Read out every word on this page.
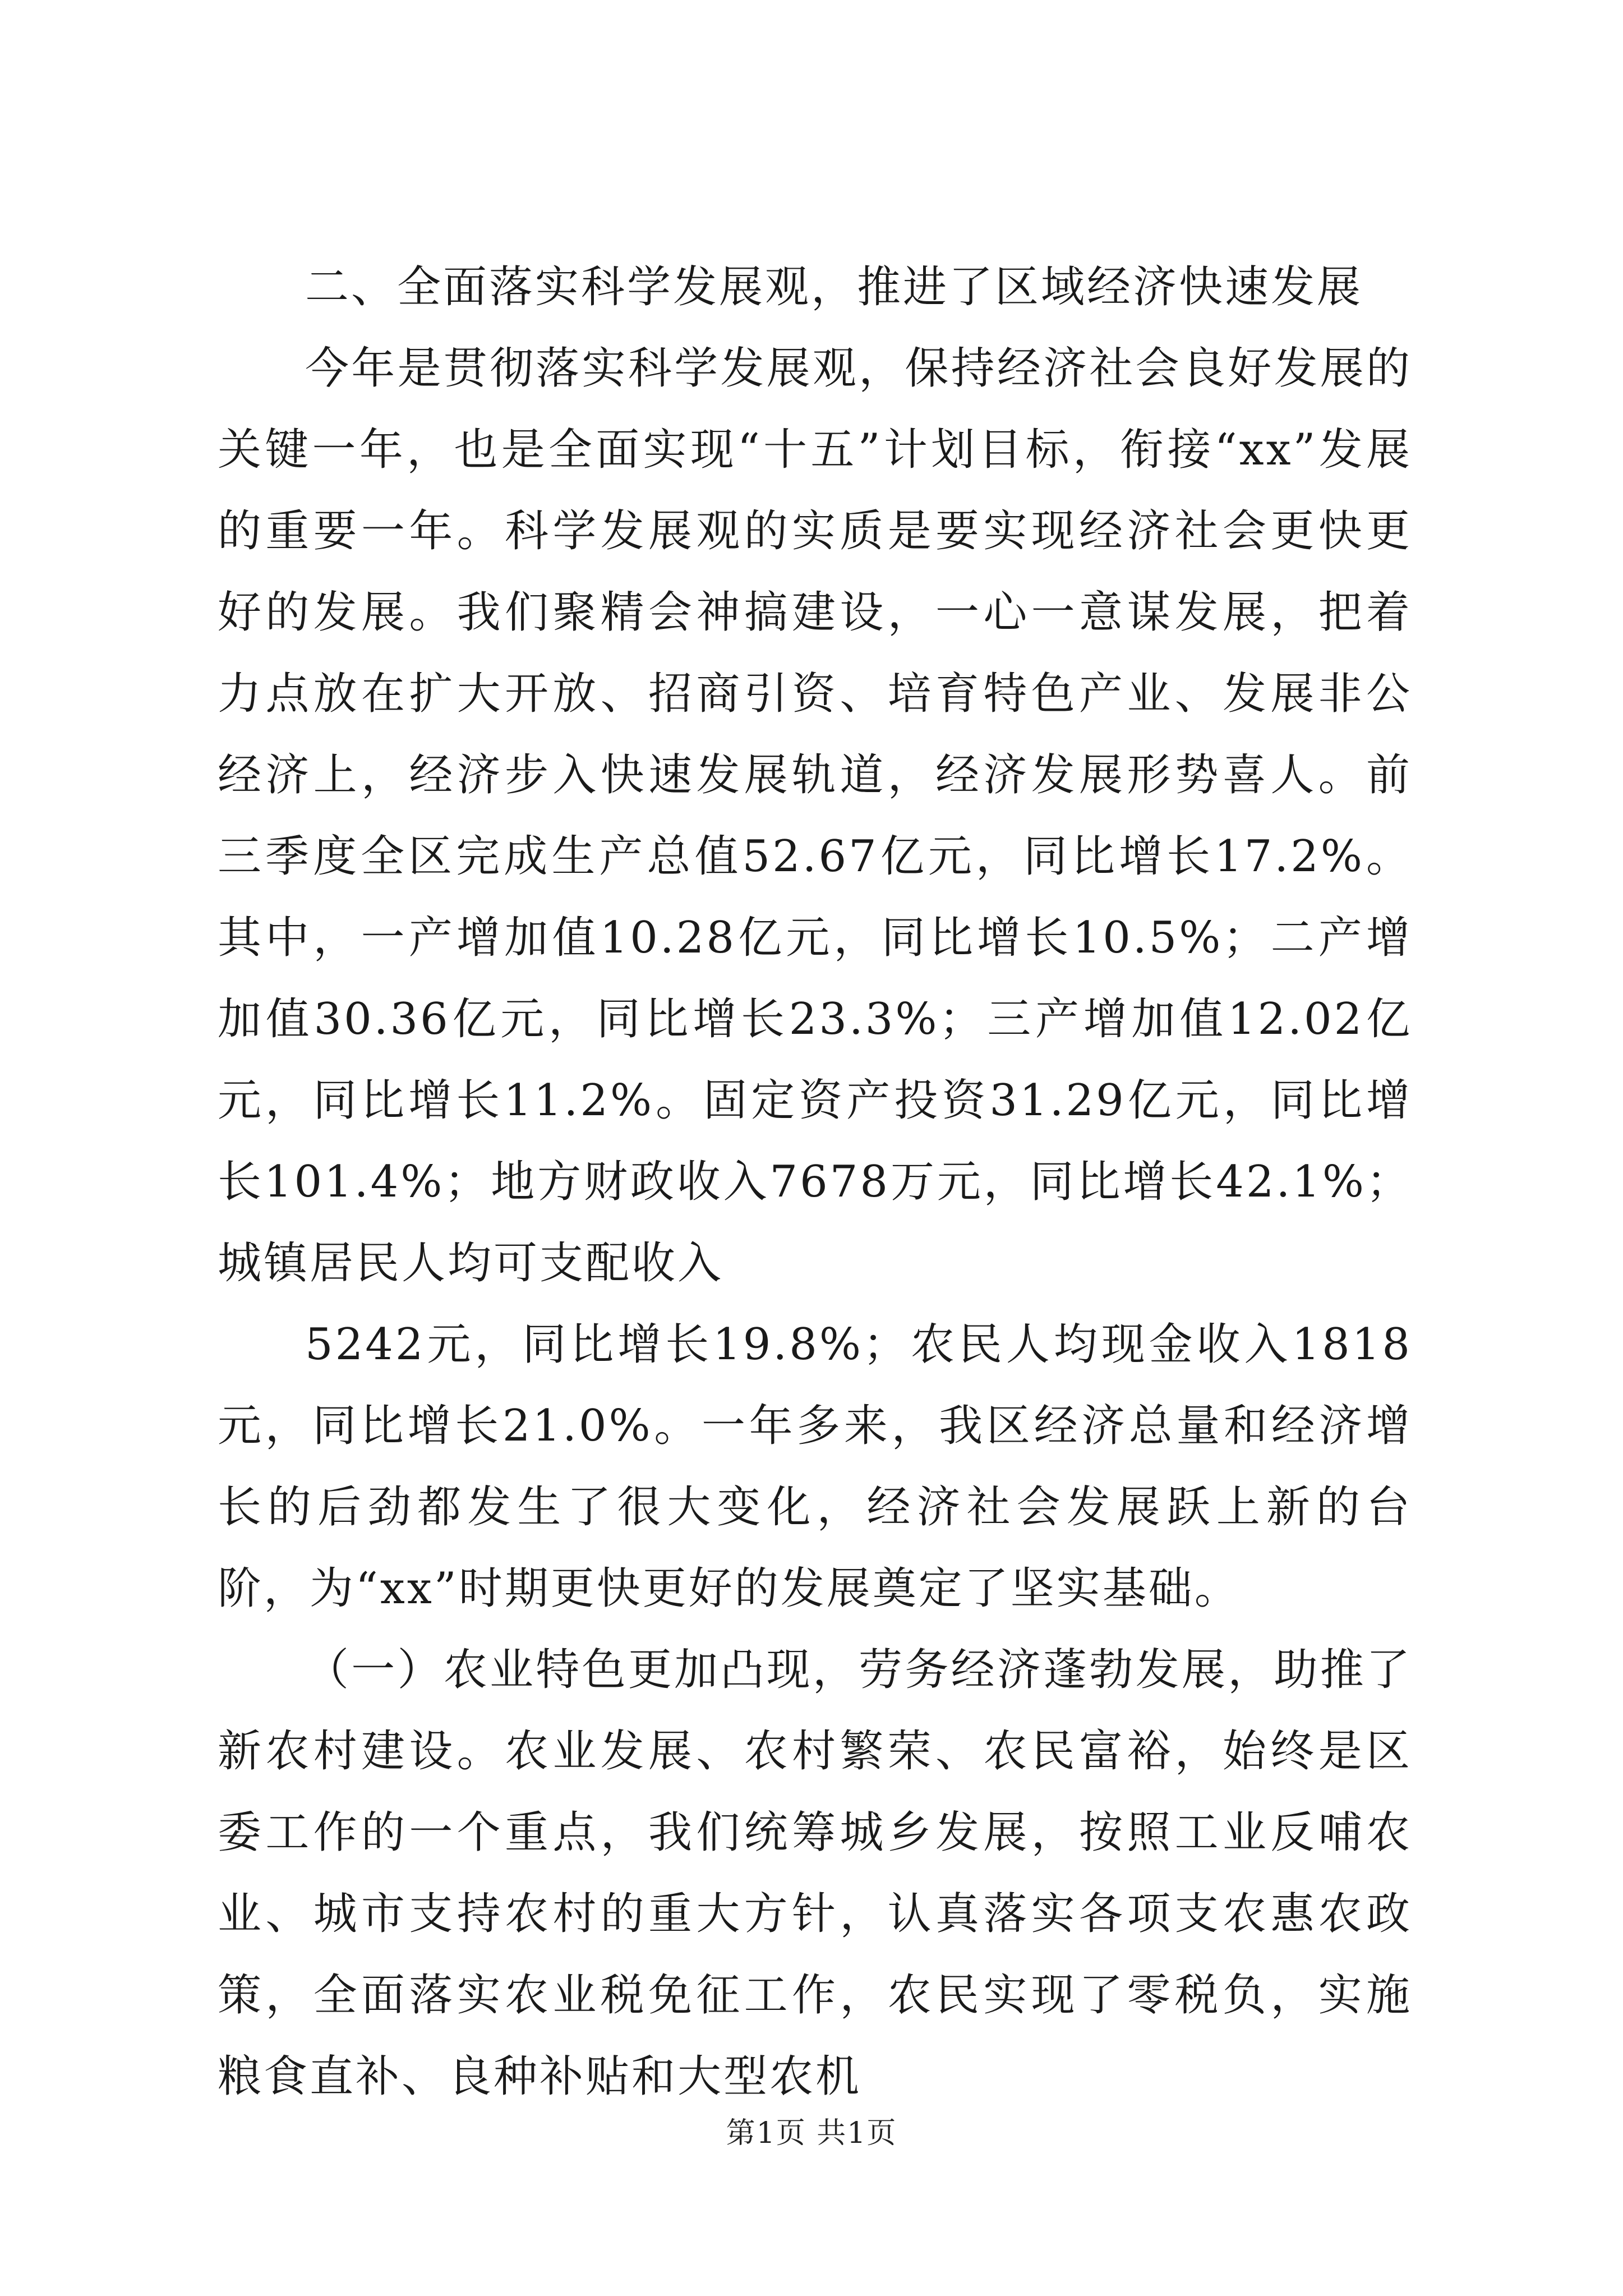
二、全面落实科学发展观，推进了区域经济快速发展

今年是贯彻落实科学发展观，保持经济社会良好发展的关键一年，也是全面实现“十五”计划目标，衔接“xx”发展的重要一年。科学发展观的实质是要实现经济社会更快更好的发展。我们聚精会神搞建设，一心一意谋发展，把着力点放在扩大开放、招商引资、培育特色产业、发展非公经济上，经济步入快速发展轨道，经济发展形势喜人。前三季度全区完成生产总值52.67亿元，同比增长17.2%。其中，一产增加值10.28亿元，同比增长10.5%；二产增加值30.36亿元，同比增长23.3%；三产增加值12.02亿元，同比增长11.2%。固定资产投资31.29亿元，同比增长101.4%；地方财政收入7678万元，同比增长42.1%；城镇居民人均可支配收入

5242元，同比增长19.8%；农民人均现金收入1818元，同比增长21.0%。一年多来，我区经济总量和经济增长的后劲都发生了很大变化，经济社会发展跃上新的台阶，为“xx”时期更快更好的发展奠定了坚实基础。

（一）农业特色更加凸现，劳务经济蓬勃发展，助推了新农村建设。农业发展、农村繁荣、农民富裕，始终是区委工作的一个重点，我们统筹城乡发展，按照工业反哺农业、城市支持农村的重大方针，认真落实各项支农惠农政策，全面落实农业税免征工作，农民实现了零税负，实施粮食直补、良种补贴和大型农机

第1页 共1页
